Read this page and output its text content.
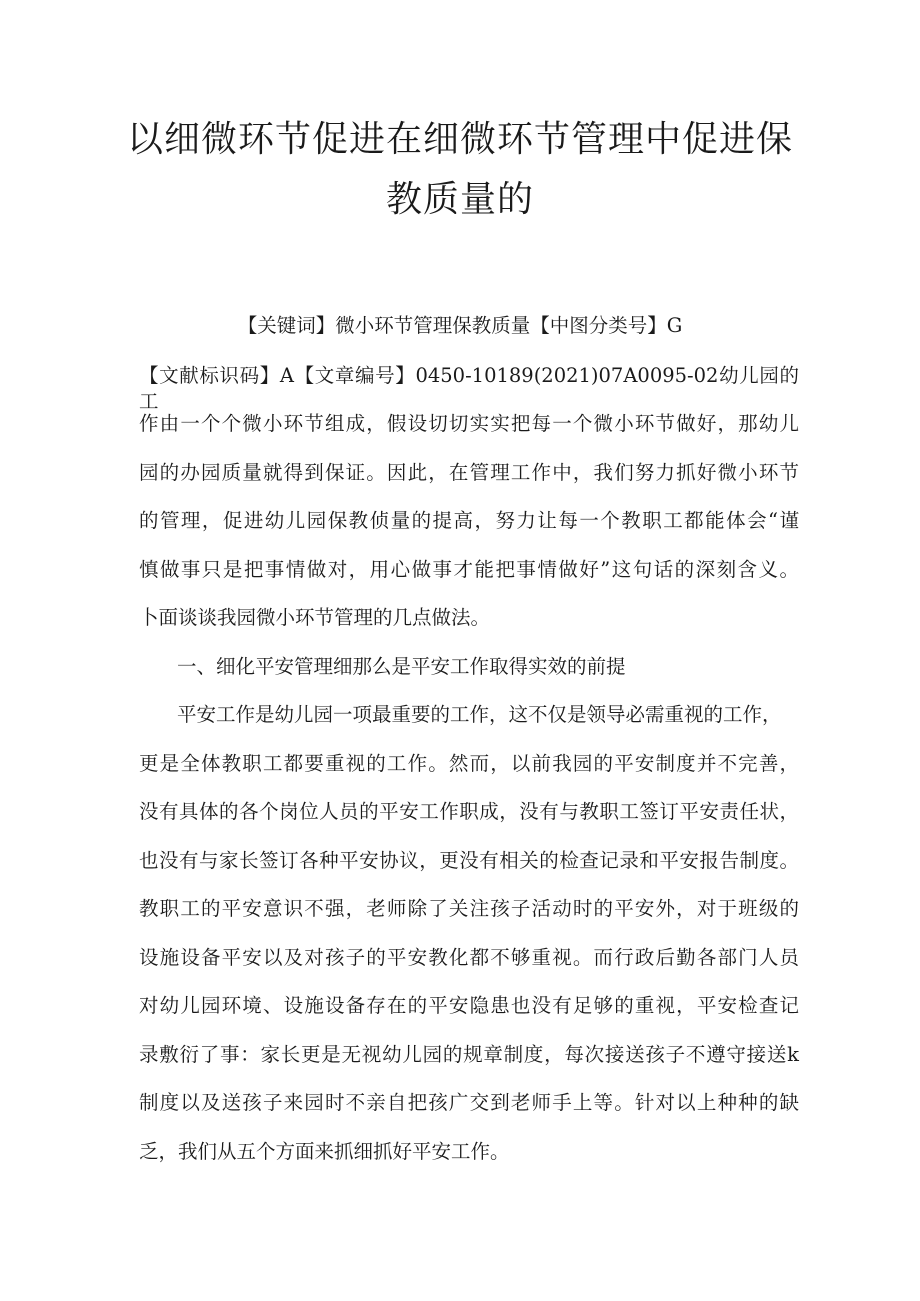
以细微环节促进在细微环节管理中促进保
教质量的
【关键词】微小环节管理保教质量【中图分类号】G
【文献标识码】A【文章编号】0450-10189(2021)07A0095-02幼儿园的工
作由一个个微小环节组成，假设切切实实把每一个微小环节做好，那幼儿
园的办园质量就得到保证。因此，在管理工作中，我们努力抓好微小环节
的管理，促进幼儿园保教侦量的提高，努力让每一个教职工都能体会“谨
慎做事只是把事情做对，用心做事才能把事情做好”这句话的深刻含义。
卜面谈谈我园微小环节管理的几点做法。
一、细化平安管理细那么是平安工作取得实效的前提
平安工作是幼儿园一项最重要的工作，这不仅是领导必需重视的工作，
更是全体教职工都要重视的工作。然而，以前我园的平安制度并不完善，
没有具体的各个岗位人员的平安工作职成，没有与教职工签订平安责任状，
也没有与家长签订各种平安协议，更没有相关的检查记录和平安报告制度。
教职工的平安意识不强，老师除了关注孩子活动时的平安外，对于班级的
设施设备平安以及对孩子的平安教化都不够重视。而行政后勤各部门人员
对幼儿园环境、设施设备存在的平安隐患也没有足够的重视，平安检查记
录敷衍了事：家长更是无视幼儿园的规章制度，每次接送孩子不遵守接送k
制度以及送孩子来园时不亲自把孩广交到老师手上等。针对以上种种的缺
乏，我们从五个方面来抓细抓好平安工作。
